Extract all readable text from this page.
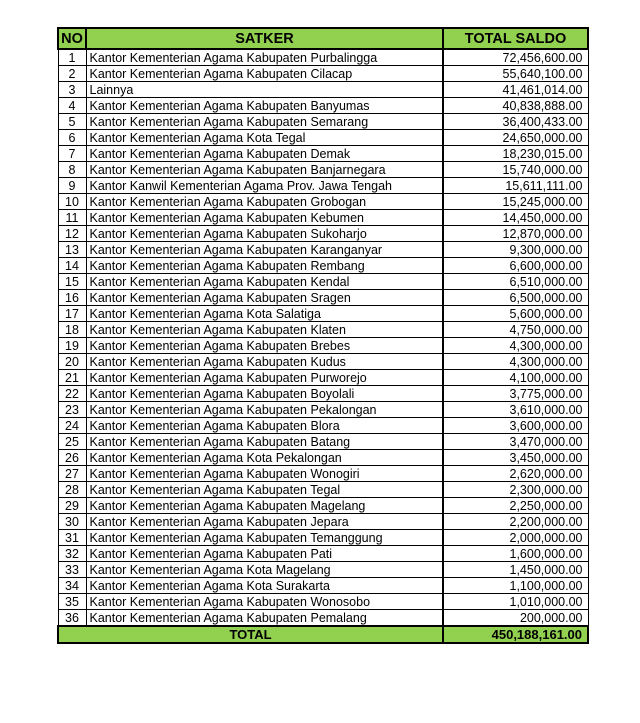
NO	SATKER	TOTAL SALDO
1	Kantor Kementerian Agama Kabupaten Purbalingga	72,456,600.00
2	Kantor Kementerian Agama Kabupaten Cilacap	55,640,100.00
3	Lainnya	41,461,014.00
4	Kantor Kementerian Agama Kabupaten Banyumas	40,838,888.00
5	Kantor Kementerian Agama Kabupaten Semarang	36,400,433.00
6	Kantor Kementerian Agama Kota Tegal	24,650,000.00
7	Kantor Kementerian Agama Kabupaten Demak	18,230,015.00
8	Kantor Kementerian Agama Kabupaten Banjarnegara	15,740,000.00
9	Kantor Kanwil Kementerian Agama Prov. Jawa Tengah	15,611,111.00
10	Kantor Kementerian Agama Kabupaten Grobogan	15,245,000.00
11	Kantor Kementerian Agama Kabupaten Kebumen	14,450,000.00
12	Kantor Kementerian Agama Kabupaten Sukoharjo	12,870,000.00
13	Kantor Kementerian Agama Kabupaten Karanganyar	9,300,000.00
14	Kantor Kementerian Agama Kabupaten Rembang	6,600,000.00
15	Kantor Kementerian Agama Kabupaten Kendal	6,510,000.00
16	Kantor Kementerian Agama Kabupaten Sragen	6,500,000.00
17	Kantor Kementerian Agama Kota Salatiga	5,600,000.00
18	Kantor Kementerian Agama Kabupaten Klaten	4,750,000.00
19	Kantor Kementerian Agama Kabupaten Brebes	4,300,000.00
20	Kantor Kementerian Agama Kabupaten Kudus	4,300,000.00
21	Kantor Kementerian Agama Kabupaten Purworejo	4,100,000.00
22	Kantor Kementerian Agama Kabupaten Boyolali	3,775,000.00
23	Kantor Kementerian Agama Kabupaten Pekalongan	3,610,000.00
24	Kantor Kementerian Agama Kabupaten Blora	3,600,000.00
25	Kantor Kementerian Agama Kabupaten Batang	3,470,000.00
26	Kantor Kementerian Agama Kota Pekalongan	3,450,000.00
27	Kantor Kementerian Agama Kabupaten Wonogiri	2,620,000.00
28	Kantor Kementerian Agama Kabupaten Tegal	2,300,000.00
29	Kantor Kementerian Agama Kabupaten Magelang	2,250,000.00
30	Kantor Kementerian Agama Kabupaten Jepara	2,200,000.00
31	Kantor Kementerian Agama Kabupaten Temanggung	2,000,000.00
32	Kantor Kementerian Agama Kabupaten Pati	1,600,000.00
33	Kantor Kementerian Agama Kota Magelang	1,450,000.00
34	Kantor Kementerian Agama Kota Surakarta	1,100,000.00
35	Kantor Kementerian Agama Kabupaten Wonosobo	1,010,000.00
36	Kantor Kementerian Agama Kabupaten Pemalang	200,000.00
TOTAL		450,188,161.00
